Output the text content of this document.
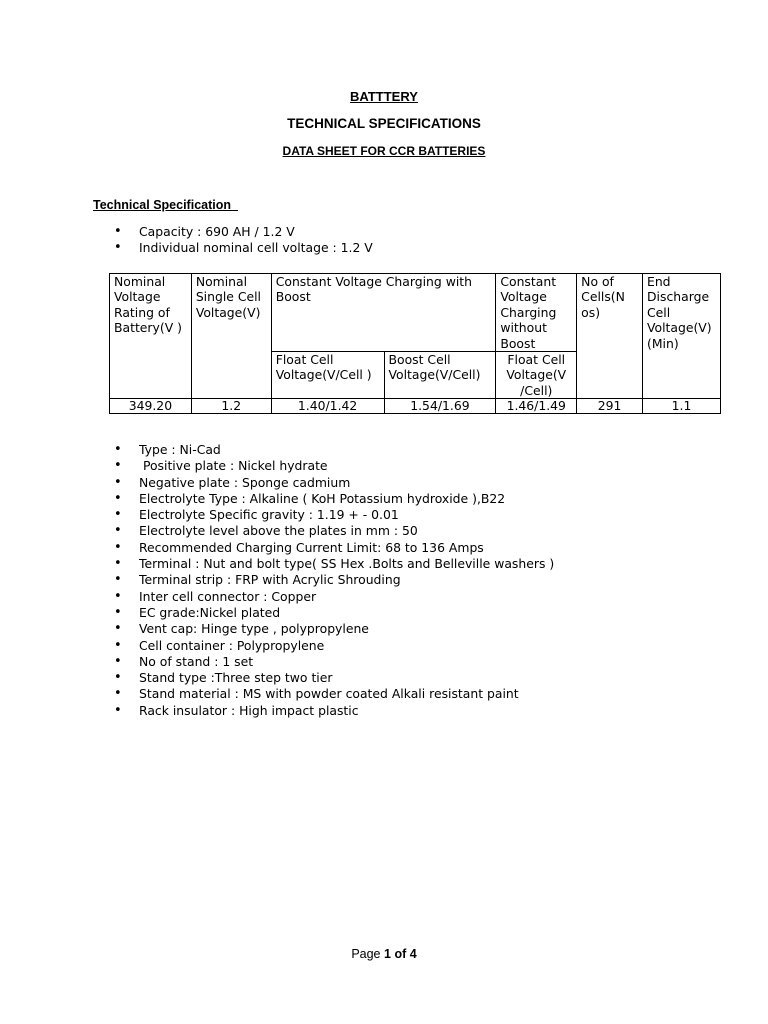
BATTTERY
TECHNICAL SPECIFICATIONS
DATA SHEET FOR CCR BATTERIES
Technical Specification
• Capacity : 690 AH / 1.2 V
• Individual nominal cell voltage : 1.2 V
Nominal Voltage Rating of Battery(V )	Nominal Single Cell Voltage(V)	Constant Voltage Charging with Boost		Constant Voltage Charging without Boost	No of Cells(N os)	End Discharge Cell Voltage(V) (Min)
		Float Cell Voltage(V/Cell )	Boost Cell Voltage(V/Cell)	Float Cell Voltage(V /Cell)		
349.20	1.2	1.40/1.42	1.54/1.69	1.46/1.49	291	1.1
• Type : Ni-Cad
•  Positive plate : Nickel hydrate
• Negative plate : Sponge cadmium
• Electrolyte Type : Alkaline ( KoH Potassium hydroxide ),B22
• Electrolyte Specific gravity : 1.19 + - 0.01
• Electrolyte level above the plates in mm : 50
• Recommended Charging Current Limit: 68 to 136 Amps
• Terminal : Nut and bolt type( SS Hex .Bolts and Belleville washers )
• Terminal strip : FRP with Acrylic Shrouding
• Inter cell connector : Copper
• EC grade:Nickel plated
• Vent cap: Hinge type , polypropylene
• Cell container : Polypropylene
• No of stand : 1 set
• Stand type :Three step two tier
• Stand material : MS with powder coated Alkali resistant paint
• Rack insulator : High impact plastic
Page 1 of 4
